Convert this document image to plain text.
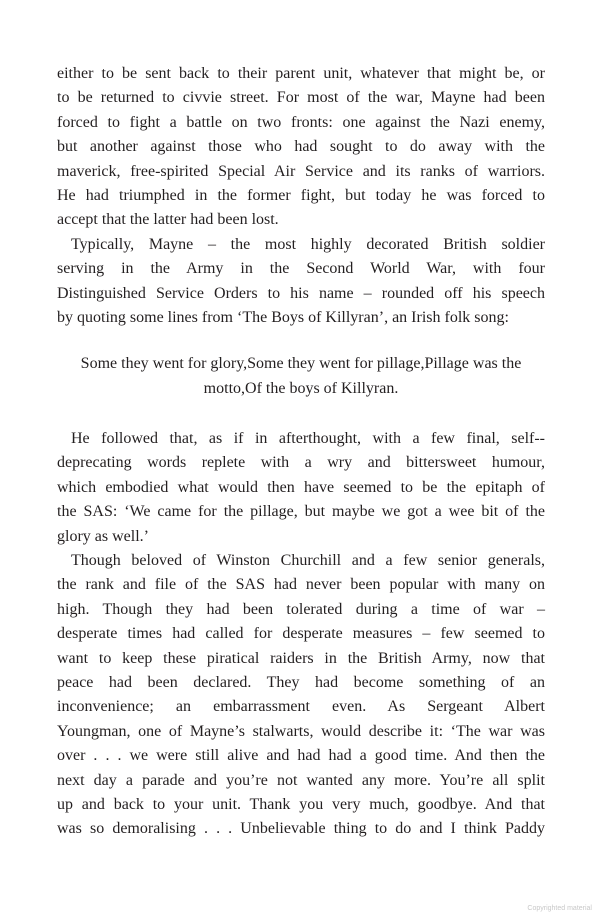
either to be sent back to their parent unit, whatever that might be, or
to be returned to civvie street. For most of the war, Mayne had been
forced to fight a battle on two fronts: one against the Nazi enemy,
but another against those who had sought to do away with the
maverick, free-spirited Special Air Service and its ranks of warriors.
He had triumphed in the former fight, but today he was forced to
accept that the latter had been lost.
Typically, Mayne – the most highly decorated British soldier
serving in the Army in the Second World War, with four
Distinguished Service Orders to his name – rounded off his speech
by quoting some lines from ‘The Boys of Killyran’, an Irish folk song:
Some they went for glory,Some they went for pillage,Pillage was the
motto,Of the boys of Killyran.
He followed that, as if in afterthought, with a few final, self--
deprecating words replete with a wry and bittersweet humour,
which embodied what would then have seemed to be the epitaph of
the SAS: ‘We came for the pillage, but maybe we got a wee bit of the
glory as well.’
Though beloved of Winston Churchill and a few senior generals,
the rank and file of the SAS had never been popular with many on
high. Though they had been tolerated during a time of war –
desperate times had called for desperate measures – few seemed to
want to keep these piratical raiders in the British Army, now that
peace had been declared. They had become something of an
inconvenience; an embarrassment even. As Sergeant Albert
Youngman, one of Mayne’s stalwarts, would describe it: ‘The war was
over . . . we were still alive and had had a good time. And then the
next day a parade and you’re not wanted any more. You’re all split
up and back to your unit. Thank you very much, goodbye. And that
was so demoralising . . . Unbelievable thing to do and I think Paddy
Copyrighted material
